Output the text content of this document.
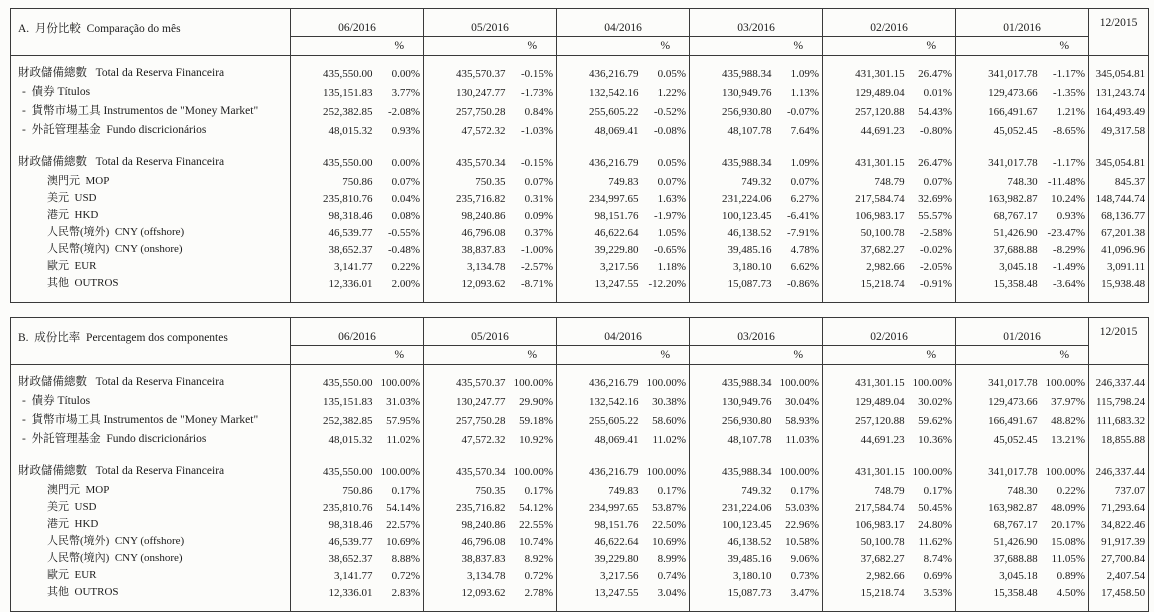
A.  月份比較  Comparação do mês	06/2016		05/2016		04/2016		03/2016		02/2016		01/2016		12/2015
		%		%		%		%		%		%	
財政儲備總數   Total da Reserva Financeira	435,550.00	0.00%	435,570.37	-0.15%	436,216.79	0.05%	435,988.34	1.09%	431,301.15	26.47%	341,017.78	-1.17%	345,054.81
-  債券 Títulos	135,151.83	3.77%	130,247.77	-1.73%	132,542.16	1.22%	130,949.76	1.13%	129,489.04	0.01%	129,473.66	-1.35%	131,243.74
-  貨幣市場工具 Instrumentos de "Money Market"	252,382.85	-2.08%	257,750.28	0.84%	255,605.22	-0.52%	256,930.80	-0.07%	257,120.88	54.43%	166,491.67	1.21%	164,493.49
-  外託管理基金  Fundo discricionários	48,015.32	0.93%	47,572.32	-1.03%	48,069.41	-0.08%	48,107.78	7.64%	44,691.23	-0.80%	45,052.45	-8.65%	49,317.58

財政儲備總數   Total da Reserva Financeira	435,550.00	0.00%	435,570.34	-0.15%	436,216.79	0.05%	435,988.34	1.09%	431,301.15	26.47%	341,017.78	-1.17%	345,054.81
澳門元  MOP	750.86	0.07%	750.35	0.07%	749.83	0.07%	749.32	0.07%	748.79	0.07%	748.30	-11.48%	845.37
美元  USD	235,810.76	0.04%	235,716.82	0.31%	234,997.65	1.63%	231,224.06	6.27%	217,584.74	32.69%	163,982.87	10.24%	148,744.74
港元  HKD	98,318.46	0.08%	98,240.86	0.09%	98,151.76	-1.97%	100,123.45	-6.41%	106,983.17	55.57%	68,767.17	0.93%	68,136.77
人民幣(境外)  CNY (offshore)	46,539.77	-0.55%	46,796.08	0.37%	46,622.64	1.05%	46,138.52	-7.91%	50,100.78	-2.58%	51,426.90	-23.47%	67,201.38
人民幣(境內)  CNY (onshore)	38,652.37	-0.48%	38,837.83	-1.00%	39,229.80	-0.65%	39,485.16	4.78%	37,682.27	-0.02%	37,688.88	-8.29%	41,096.96
歐元  EUR	3,141.77	0.22%	3,134.78	-2.57%	3,217.56	1.18%	3,180.10	6.62%	2,982.66	-2.05%	3,045.18	-1.49%	3,091.11
其他  OUTROS	12,336.01	2.00%	12,093.62	-8.71%	13,247.55	-12.20%	15,087.73	-0.86%	15,218.74	-0.91%	15,358.48	-3.64%	15,938.48

B.  成份比率  Percentagem dos componentes	06/2016		05/2016		04/2016		03/2016		02/2016		01/2016		12/2015
		%		%		%		%		%		%	
財政儲備總數   Total da Reserva Financeira	435,550.00	100.00%	435,570.37	100.00%	436,216.79	100.00%	435,988.34	100.00%	431,301.15	100.00%	341,017.78	100.00%	246,337.44
-  債券 Títulos	135,151.83	31.03%	130,247.77	29.90%	132,542.16	30.38%	130,949.76	30.04%	129,489.04	30.02%	129,473.66	37.97%	115,798.24
-  貨幣市場工具 Instrumentos de "Money Market"	252,382.85	57.95%	257,750.28	59.18%	255,605.22	58.60%	256,930.80	58.93%	257,120.88	59.62%	166,491.67	48.82%	111,683.32
-  外託管理基金  Fundo discricionários	48,015.32	11.02%	47,572.32	10.92%	48,069.41	11.02%	48,107.78	11.03%	44,691.23	10.36%	45,052.45	13.21%	18,855.88

財政儲備總數   Total da Reserva Financeira	435,550.00	100.00%	435,570.34	100.00%	436,216.79	100.00%	435,988.34	100.00%	431,301.15	100.00%	341,017.78	100.00%	246,337.44
澳門元  MOP	750.86	0.17%	750.35	0.17%	749.83	0.17%	749.32	0.17%	748.79	0.17%	748.30	0.22%	737.07
美元  USD	235,810.76	54.14%	235,716.82	54.12%	234,997.65	53.87%	231,224.06	53.03%	217,584.74	50.45%	163,982.87	48.09%	71,293.64
港元  HKD	98,318.46	22.57%	98,240.86	22.55%	98,151.76	22.50%	100,123.45	22.96%	106,983.17	24.80%	68,767.17	20.17%	34,822.46
人民幣(境外)  CNY (offshore)	46,539.77	10.69%	46,796.08	10.74%	46,622.64	10.69%	46,138.52	10.58%	50,100.78	11.62%	51,426.90	15.08%	91,917.39
人民幣(境內)  CNY (onshore)	38,652.37	8.88%	38,837.83	8.92%	39,229.80	8.99%	39,485.16	9.06%	37,682.27	8.74%	37,688.88	11.05%	27,700.84
歐元  EUR	3,141.77	0.72%	3,134.78	0.72%	3,217.56	0.74%	3,180.10	0.73%	2,982.66	0.69%	3,045.18	0.89%	2,407.54
其他  OUTROS	12,336.01	2.83%	12,093.62	2.78%	13,247.55	3.04%	15,087.73	3.47%	15,218.74	3.53%	15,358.48	4.50%	17,458.50
